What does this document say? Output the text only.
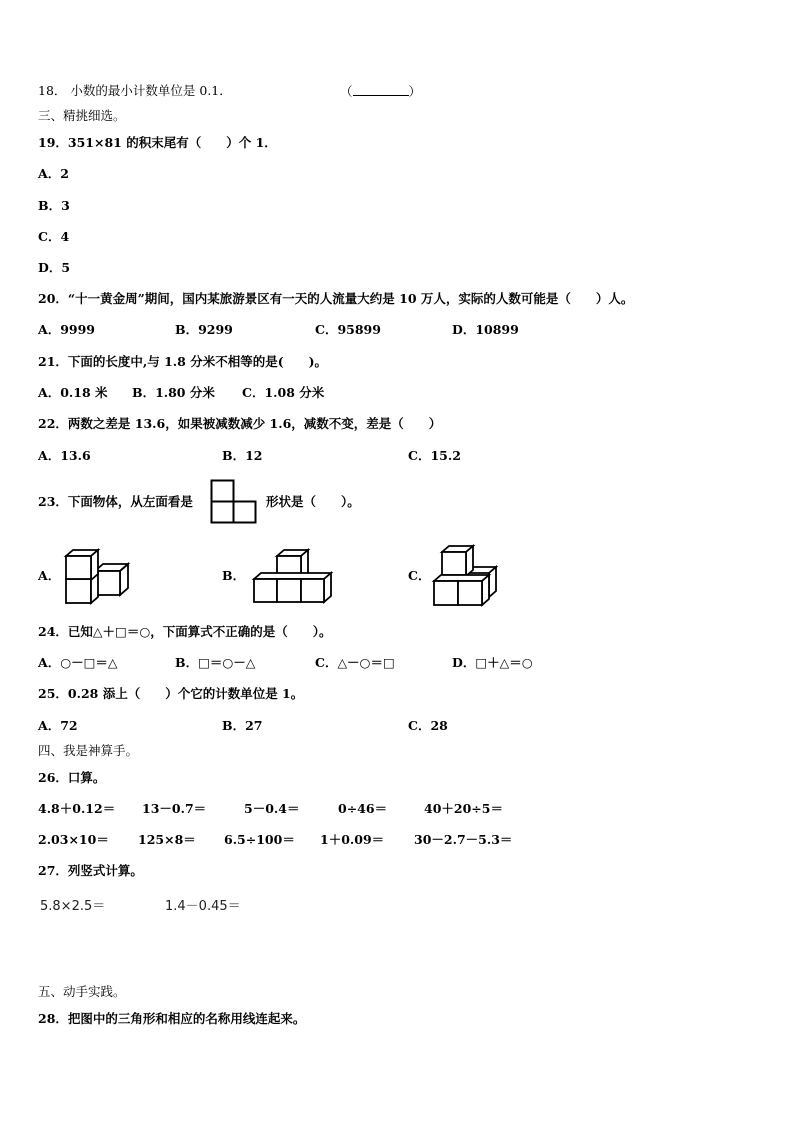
18． 小数的最小计数单位是 0.1．	（	）
三、精挑细选。
19．351×81 的积末尾有（　　）个 1．
A．2
B．3
C．4
D．5
20．“十一黄金周”期间，国内某旅游景区有一天的人流量大约是 10 万人，实际的人数可能是（　　）人。
A．9999	B．9299	C．95899	D．10899
21．下面的长度中,与 1.8 分米不相等的是(　　)。
A．0.18 米 B．1.80 分米 C．1.08 分米
22．两数之差是 13.6，如果被减数减少 1.6，减数不变，差是（　　）
A．13.6	B．12	C．15.2
23．下面物体，从左面看是	形状是（　　）。
A．	B．	C．
24．已知△＋□＝○，下面算式不正确的是（　　）。
A．○－□＝△	B．□＝○－△	C．△－○＝□	D．□＋△＝○
25．0.28 添上（　　）个它的计数单位是 1。
A．72	B．27	C．28
四、我是神算手。
26．口算。
4.8＋0.12＝ 13－0.7＝	5－0.4＝	0÷46＝	40＋20÷5＝
2.03×10＝ 125×8＝ 6.5÷100＝ 1＋0.09＝ 30－2.7－5.3＝
27．列竖式计算。
5.8×2.5＝	1.4－0.45＝
五、动手实践。
28．把图中的三角形和相应的名称用线连起来。
